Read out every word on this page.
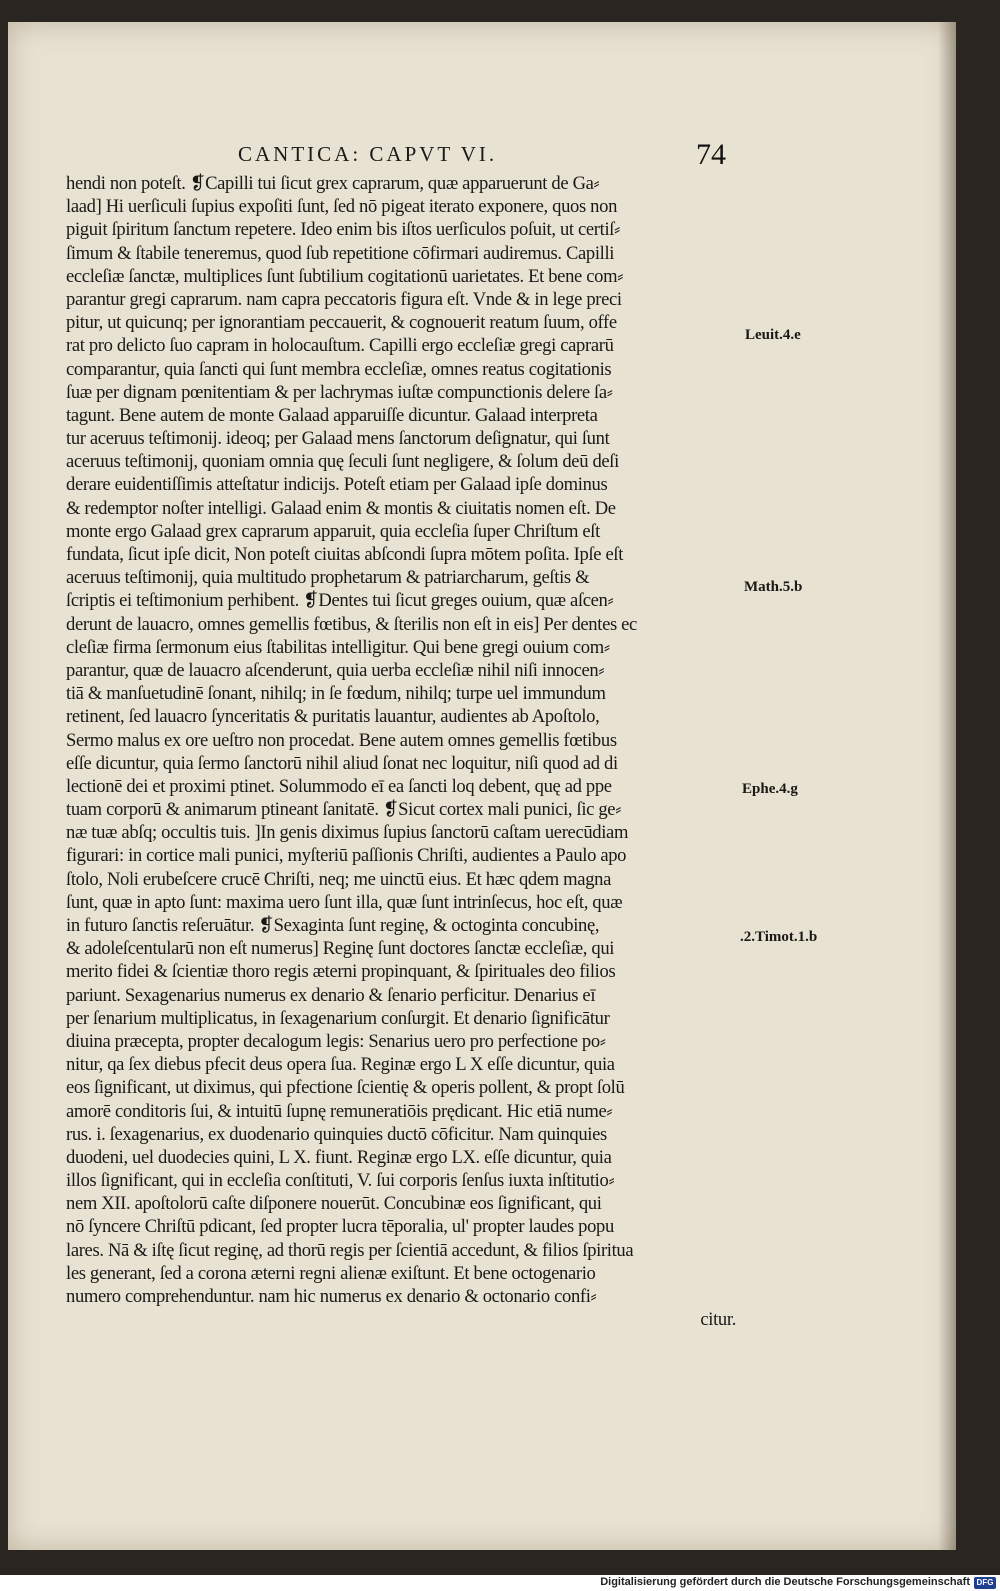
CANTICA: CAPVT VI.	74
hendi non poteſt. ❡Capilli tui ſicut grex caprarum, quæ apparuerunt de Ga⸗
laad] Hi uerſiculi ſupius expoſiti ſunt, ſed nō pigeat iterato exponere, quos non
piguit ſpiritum ſanctum repetere. Ideo enim bis iſtos uerſiculos poſuit, ut certiſ⸗
ſimum & ſtabile teneremus, quod ſub repetitione cōfirmari audiremus. Capilli
eccleſiæ ſanctæ, multiplices ſunt ſubtilium cogitationū uarietates. Et bene com⸗
parantur gregi caprarum. nam capra peccatoris figura eſt. Vnde & in lege preci
pitur, ut quicunq; per ignorantiam peccauerit, & cognouerit reatum ſuum, offe
rat pro delicto ſuo capram in holocauſtum. Capilli ergo eccleſiæ gregi caprarū
comparantur, quia ſancti qui ſunt membra eccleſiæ, omnes reatus cogitationis
ſuæ per dignam pœnitentiam & per lachrymas iuſtæ compunctionis delere ſa⸗
tagunt. Bene autem de monte Galaad apparuiſſe dicuntur. Galaad interpreta
tur aceruus teſtimonij. ideoq; per Galaad mens ſanctorum deſignatur, qui ſunt
aceruus teſtimonij, quoniam omnia quę ſeculi ſunt negligere, & ſolum deū deſi
derare euidentiſſimis atteſtatur indicijs. Poteſt etiam per Galaad ipſe dominus
& redemptor noſter intelligi. Galaad enim & montis & ciuitatis nomen eſt. De
monte ergo Galaad grex caprarum apparuit, quia eccleſia ſuper Chriſtum eſt
fundata, ſicut ipſe dicit, Non poteſt ciuitas abſcondi ſupra mōtem poſita. Ipſe eſt
aceruus teſtimonij, quia multitudo prophetarum & patriarcharum, geſtis &
ſcriptis ei teſtimonium perhibent. ❡Dentes tui ſicut greges ouium, quæ aſcen⸗
derunt de lauacro, omnes gemellis fœtibus, & ſterilis non eſt in eis] Per dentes ec
cleſiæ firma ſermonum eius ſtabilitas intelligitur. Qui bene gregi ouium com⸗
parantur, quæ de lauacro aſcenderunt, quia uerba eccleſiæ nihil niſi innocen⸗
tiā & manſuetudinē ſonant, nihilq; in ſe fœdum, nihilq; turpe uel immundum
retinent, ſed lauacro ſynceritatis & puritatis lauantur, audientes ab Apoſtolo,
Sermo malus ex ore ueſtro non procedat. Bene autem omnes gemellis fœtibus
eſſe dicuntur, quia ſermo ſanctorū nihil aliud ſonat nec loquitur, niſi quod ad di
lectionē dei et proximi ptinet. Solummodo eī ea ſancti loq debent, quę ad ppe
tuam corporū & animarum ptineant ſanitatē. ❡Sicut cortex mali punici, ſic ge⸗
næ tuæ abſq; occultis tuis. ]In genis diximus ſupius ſanctorū caſtam uerecūdiam
figurari: in cortice mali punici, myſteriū paſſionis Chriſti, audientes a Paulo apo
ſtolo, Noli erubeſcere crucē Chriſti, neq; me uinctū eius. Et hæc qdem magna
ſunt, quæ in apto ſunt: maxima uero ſunt illa, quæ ſunt intrinſecus, hoc eſt, quæ
in futuro ſanctis reſeruātur. ❡Sexaginta ſunt reginę, & octoginta concubinę,
& adoleſcentularū non eſt numerus] Reginę ſunt doctores ſanctæ eccleſiæ, qui
merito fidei & ſcientiæ thoro regis æterni propinquant, & ſpirituales deo filios
pariunt. Sexagenarius numerus ex denario & ſenario perficitur. Denarius eī
per ſenarium multiplicatus, in ſexagenarium conſurgit. Et denario ſignificātur
diuina præcepta, propter decalogum legis: Senarius uero pro perfectione po⸗
nitur, qa ſex diebus pfecit deus opera ſua. Reginæ ergo L X eſſe dicuntur, quia
eos ſignificant, ut diximus, qui pfectione ſcientię & operis pollent, & propt ſolū
amorē conditoris ſui, & intuitū ſupnę remuneratiōis prędicant. Hic etiā nume⸗
rus. i. ſexagenarius, ex duodenario quinquies ductō cōficitur. Nam quinquies
duodeni, uel duodecies quini, L X. fiunt. Reginæ ergo LX. eſſe dicuntur, quia
illos ſignificant, qui in eccleſia conſtituti, V. ſui corporis ſenſus iuxta inſtitutio⸗
nem XII. apoſtolorū caſte diſponere nouerūt. Concubinæ eos ſignificant, qui
nō ſyncere Chriſtū pdicant, ſed propter lucra tēporalia, ul' propter laudes popu
lares. Nā & iſtę ſicut reginę, ad thorū regis per ſcientiā accedunt, & filios ſpiritua
les generant, ſed a corona æterni regni alienæ exiſtunt. Et bene octogenario
numero comprehenduntur. nam hic numerus ex denario & octonario confi⸗
citur.
Leuit.4.e
Math.5.b
Ephe.4.g
.2.Timot.1.b
Digitalisierung gefördert durch die Deutsche Forschungsgemeinschaft DFG
